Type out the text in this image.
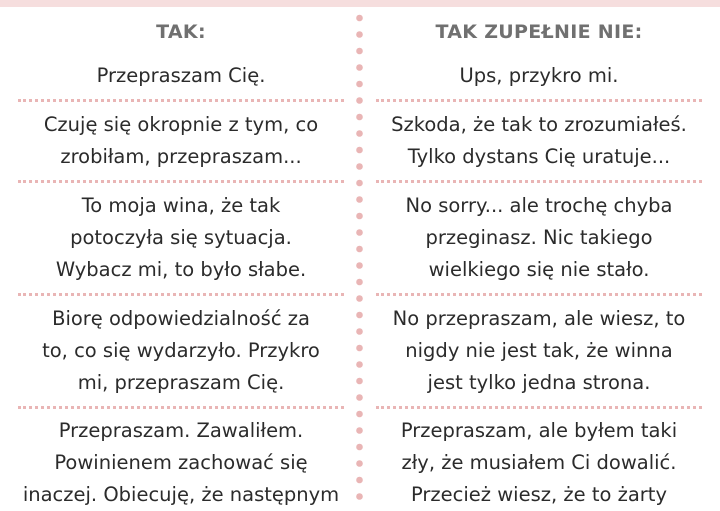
TAK:
Przepraszam Cię.
Czuję się okropnie z tym, co
zrobiłam, przepraszam...
To moja wina, że tak
potoczyła się sytuacja.
Wybacz mi, to było słabe.
Biorę odpowiedzialność za
to, co się wydarzyło. Przykro
mi, przepraszam Cię.
Przepraszam. Zawaliłem.
Powinienem zachować się
inaczej. Obiecuję, że następnym
TAK ZUPEŁNIE NIE:
Ups, przykro mi.
Szkoda, że tak to zrozumiałeś.
Tylko dystans Cię uratuje...
No sorry... ale trochę chyba
przeginasz. Nic takiego
wielkiego się nie stało.
No przepraszam, ale wiesz, to
nigdy nie jest tak, że winna
jest tylko jedna strona.
Przepraszam, ale byłem taki
zły, że musiałem Ci dowalić.
Przecież wiesz, że to żarty
